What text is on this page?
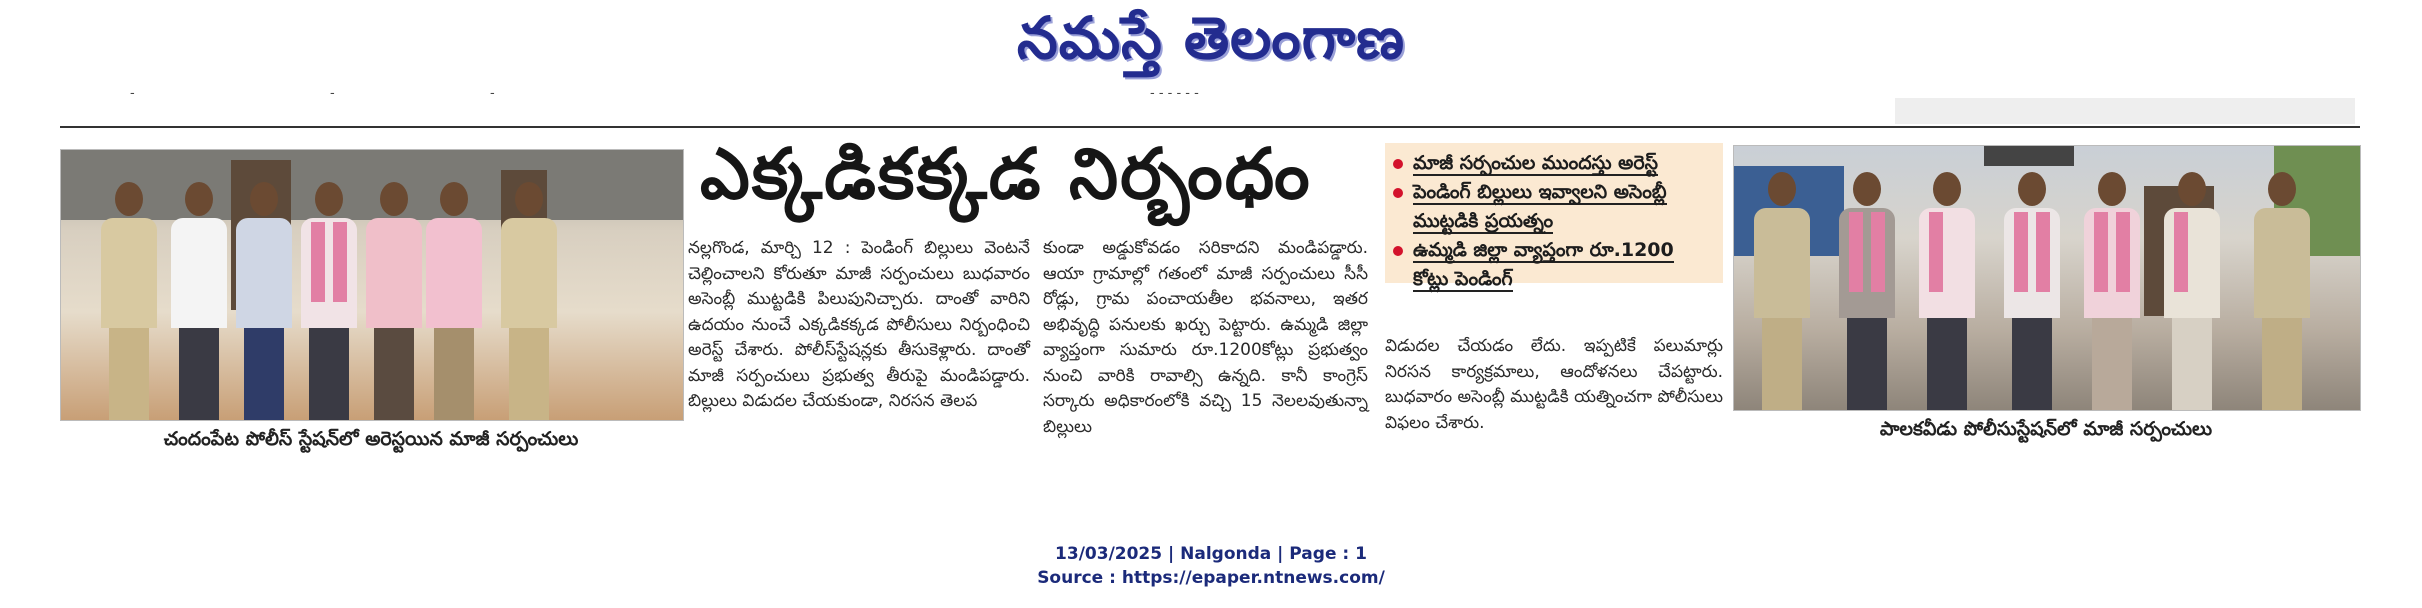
నమస్తే తెలంగాణ
-	-	-	- - - - - -
చందంపేట పోలీస్ స్టేషన్‌లో అరెస్టయిన మాజీ సర్పంచులు
ఎక్కడికక్కడ నిర్బంధం
నల్లగొండ, మార్చి 12 : పెండింగ్ బిల్లులు వెంటనే చెల్లించాలని కోరుతూ మాజీ సర్పంచులు బుధవారం అసెంబ్లీ ముట్టడికి పిలుపునిచ్చారు. దాంతో వారిని ఉదయం నుంచే ఎక్కడికక్కడ పోలీసులు నిర్బంధించి అరెస్ట్ చేశారు. పోలీస్‌స్టేషన్లకు తీసుకెళ్లారు. దాంతో మాజీ సర్పంచులు ప్రభుత్వ తీరుపై మండిపడ్డారు. బిల్లులు విడుదల చేయకుండా, నిరసన తెలప
కుండా అడ్డుకోవడం సరికాదని మండిపడ్డారు. ఆయా గ్రామాల్లో గతంలో మాజీ సర్పంచులు సీసీ రోడ్లు, గ్రామ పంచాయతీల భవనాలు, ఇతర అభివృద్ధి పనులకు ఖర్చు పెట్టారు. ఉమ్మడి జిల్లా వ్యాప్తంగా సుమారు రూ.1200కోట్లు ప్రభుత్వం నుంచి వారికి రావాల్సి ఉన్నది. కానీ కాంగ్రెస్ సర్కారు అధికారంలోకి వచ్చి 15 నెలలవుతున్నా బిల్లులు
మాజీ సర్పంచుల ముందస్తు అరెస్ట్
పెండింగ్ బిల్లులు ఇవ్వాలని అసెంబ్లీ ముట్టడికి ప్రయత్నం
ఉమ్మడి జిల్లా వ్యాప్తంగా రూ.1200 కోట్లు పెండింగ్
విడుదల చేయడం లేదు. ఇప్పటికే పలుమార్లు నిరసన కార్యక్రమాలు, ఆందోళనలు చేపట్టారు. బుధవారం అసెంబ్లీ ముట్టడికి యత్నించగా పోలీసులు విఫలం చేశారు.	పాలకవీడు పోలీసుస్టేషన్‌లో మాజీ సర్పంచులు
13/03/2025 | Nalgonda | Page : 1
Source : https://epaper.ntnews.com/
